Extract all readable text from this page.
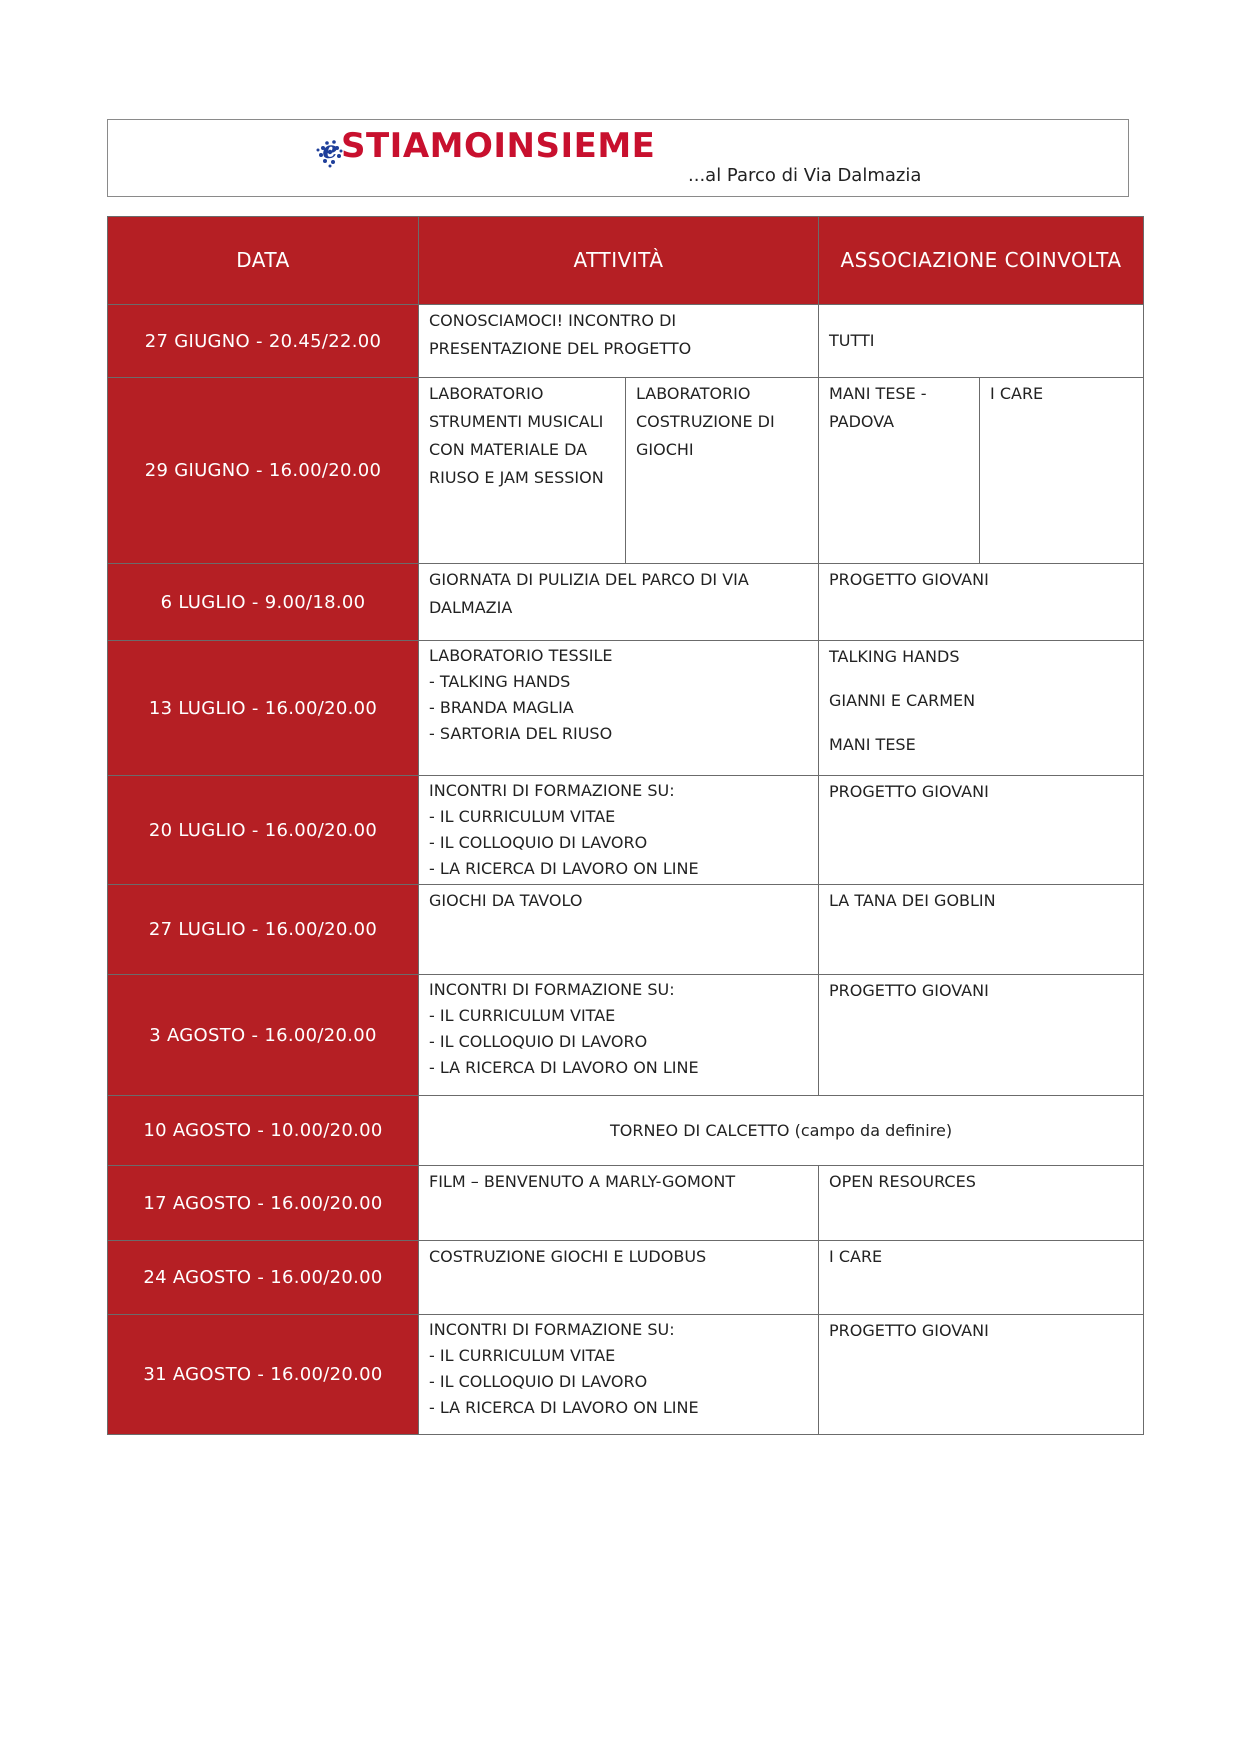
e STIAMOINSIEME
...al Parco di Via Dalmazia
DATA	ATTIVITÀ		ASSOCIAZIONE COINVOLTA	
27 GIUGNO - 20.45/22.00	CONOSCIAMOCI! INCONTRO DI
PRESENTAZIONE DEL PROGETTO		TUTTI	

29 GIUGNO - 16.00/20.00	LABORATORIO STRUMENTI MUSICALI CON MATERIALE DA RIUSO E JAM SESSION	LABORATORIO COSTRUZIONE DI GIOCHI	MANI TESE - PADOVA	I CARE
6 LUGLIO - 9.00/18.00	GIORNATA DI PULIZIA DEL PARCO DI VIA
DALMAZIA		PROGETTO GIOVANI	

13 LUGLIO - 16.00/20.00	LABORATORIO TESSILE
- TALKING HANDS
- BRANDA MAGLIA
- SARTORIA DEL RIUSO		TALKING HANDS
GIANNI E CARMEN
MANI TESE	

20 LUGLIO - 16.00/20.00	INCONTRI DI FORMAZIONE SU:
- IL CURRICULUM VITAE
- IL COLLOQUIO DI LAVORO
- LA RICERCA DI LAVORO ON LINE		PROGETTO GIOVANI	

27 LUGLIO - 16.00/20.00	GIOCHI DA TAVOLO		LA TANA DEI GOBLIN	

3 AGOSTO - 16.00/20.00	INCONTRI DI FORMAZIONE SU:
- IL CURRICULUM VITAE
- IL COLLOQUIO DI LAVORO
- LA RICERCA DI LAVORO ON LINE		PROGETTO GIOVANI	

10 AGOSTO - 10.00/20.00	TORNEO DI CALCETTO (campo da definire)			
17 AGOSTO - 16.00/20.00	FILM – BENVENUTO A MARLY-GOMONT		OPEN RESOURCES	

24 AGOSTO - 16.00/20.00	COSTRUZIONE GIOCHI E LUDOBUS		I CARE	

31 AGOSTO - 16.00/20.00	INCONTRI DI FORMAZIONE SU:
- IL CURRICULUM VITAE
- IL COLLOQUIO DI LAVORO
- LA RICERCA DI LAVORO ON LINE		PROGETTO GIOVANI	
